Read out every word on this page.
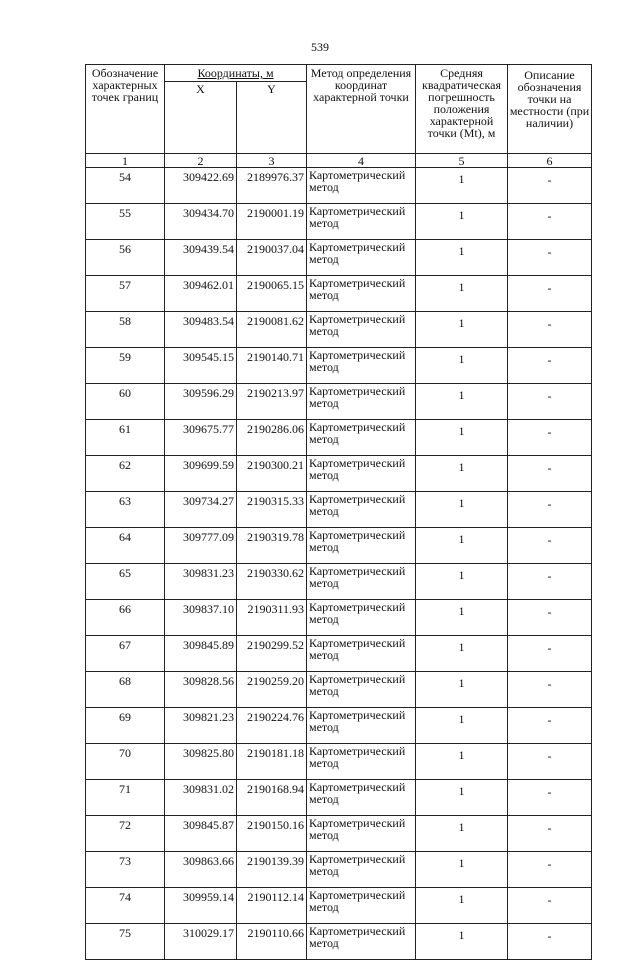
539
Обозначение характерных точек границ	Координаты, м		Метод определения координат характерной точки	Средняя квадратическая погрешность положения характерной точки (Mt), м	Описание обозначения точки на местности (при наличии)
	X	Y			
1	2	3	4	5	6
54	309422.69	2189976.37	Картометрический метод	1	-
55	309434.70	2190001.19	Картометрический метод	1	-
56	309439.54	2190037.04	Картометрический метод	1	-
57	309462.01	2190065.15	Картометрический метод	1	-
58	309483.54	2190081.62	Картометрический метод	1	-
59	309545.15	2190140.71	Картометрический метод	1	-
60	309596.29	2190213.97	Картометрический метод	1	-
61	309675.77	2190286.06	Картометрический метод	1	-
62	309699.59	2190300.21	Картометрический метод	1	-
63	309734.27	2190315.33	Картометрический метод	1	-
64	309777.09	2190319.78	Картометрический метод	1	-
65	309831.23	2190330.62	Картометрический метод	1	-
66	309837.10	2190311.93	Картометрический метод	1	-
67	309845.89	2190299.52	Картометрический метод	1	-
68	309828.56	2190259.20	Картометрический метод	1	-
69	309821.23	2190224.76	Картометрический метод	1	-
70	309825.80	2190181.18	Картометрический метод	1	-
71	309831.02	2190168.94	Картометрический метод	1	-
72	309845.87	2190150.16	Картометрический метод	1	-
73	309863.66	2190139.39	Картометрический метод	1	-
74	309959.14	2190112.14	Картометрический метод	1	-
75	310029.17	2190110.66	Картометрический метод	1	-
